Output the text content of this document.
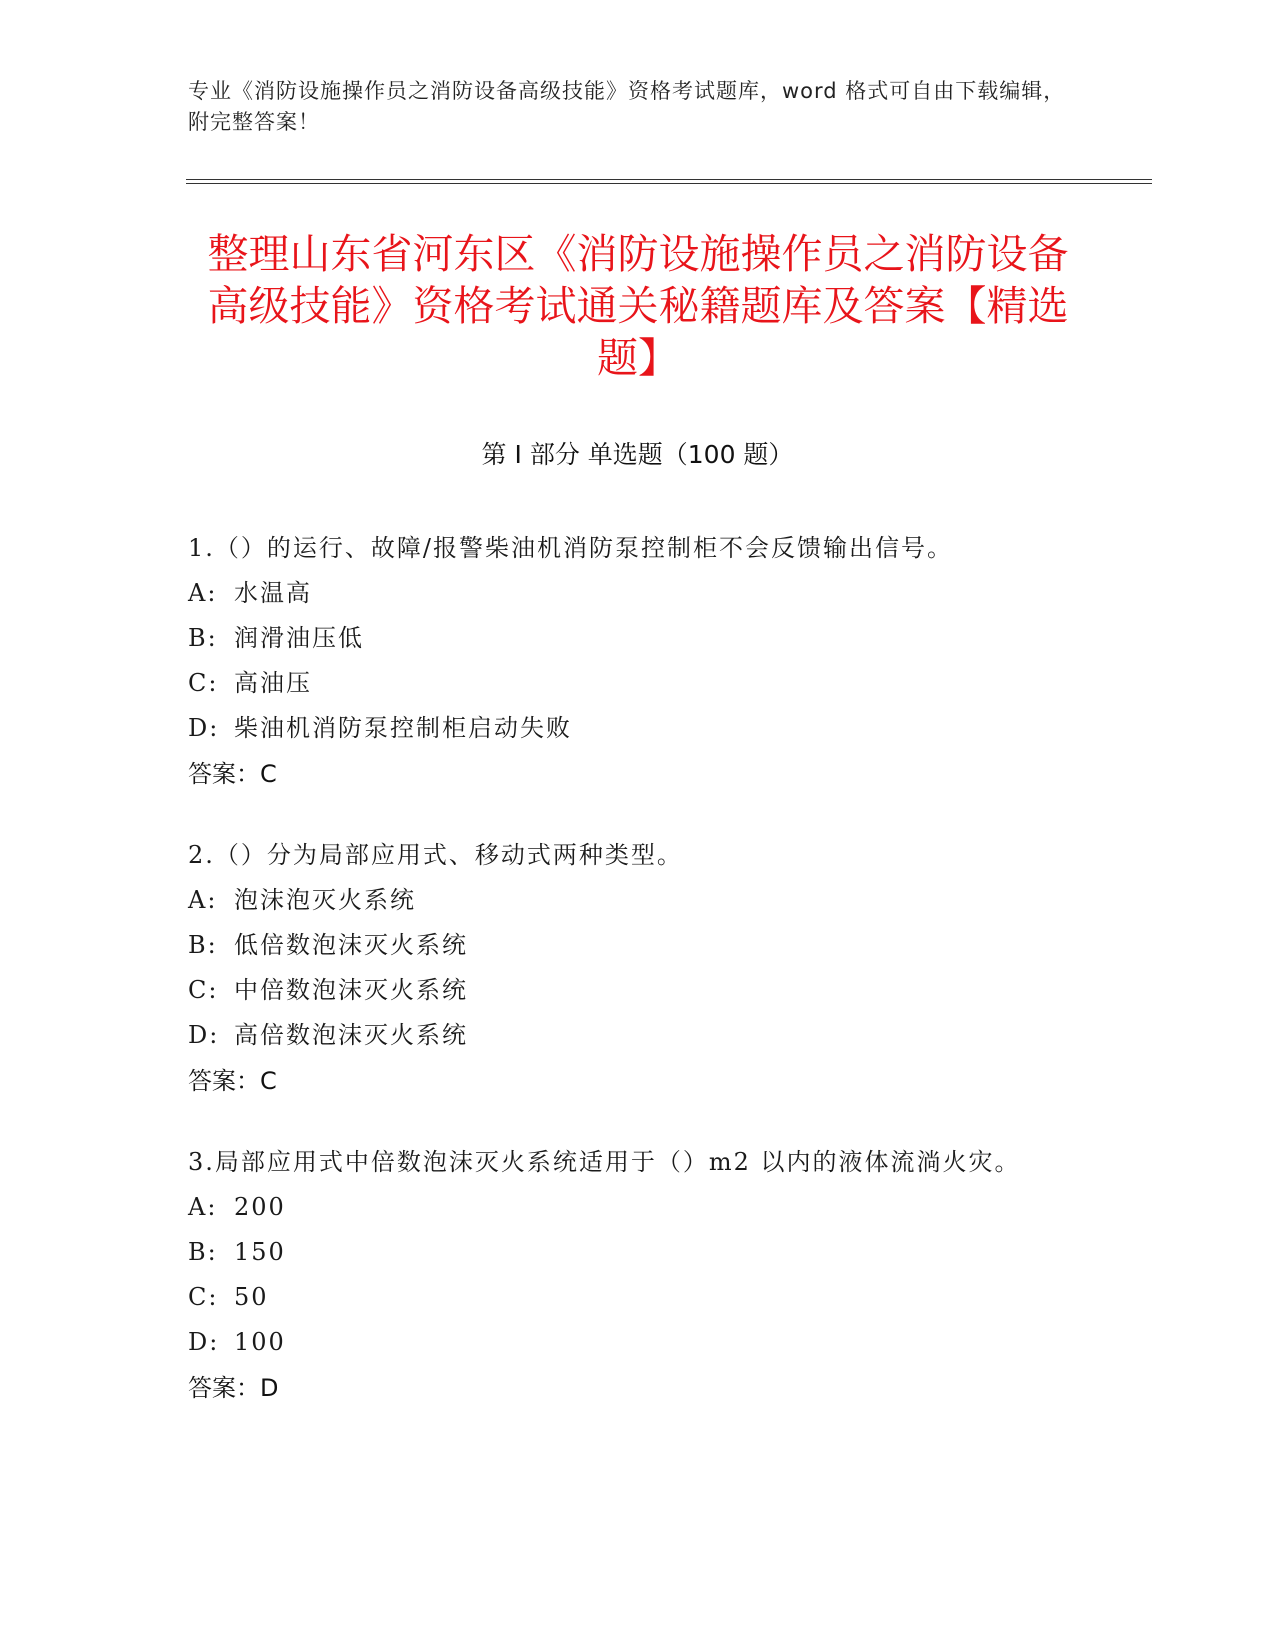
专业《消防设施操作员之消防设备高级技能》资格考试题库，word 格式可自由下载编辑，附完整答案！
整理山东省河东区《消防设施操作员之消防设备高级技能》资格考试通关秘籍题库及答案【精选题】
第 I 部分 单选题（100 题）
1.（）的运行、故障/报警柴油机消防泵控制柜不会反馈输出信号。
A: 水温高
B: 润滑油压低
C: 高油压
D: 柴油机消防泵控制柜启动失败
答案：C
2.（）分为局部应用式、移动式两种类型。
A: 泡沫泡灭火系统
B: 低倍数泡沫灭火系统
C: 中倍数泡沫灭火系统
D: 高倍数泡沫灭火系统
答案：C
3.局部应用式中倍数泡沫灭火系统适用于（）m2 以内的液体流淌火灾。
A: 200
B: 150
C: 50
D: 100
答案：D
